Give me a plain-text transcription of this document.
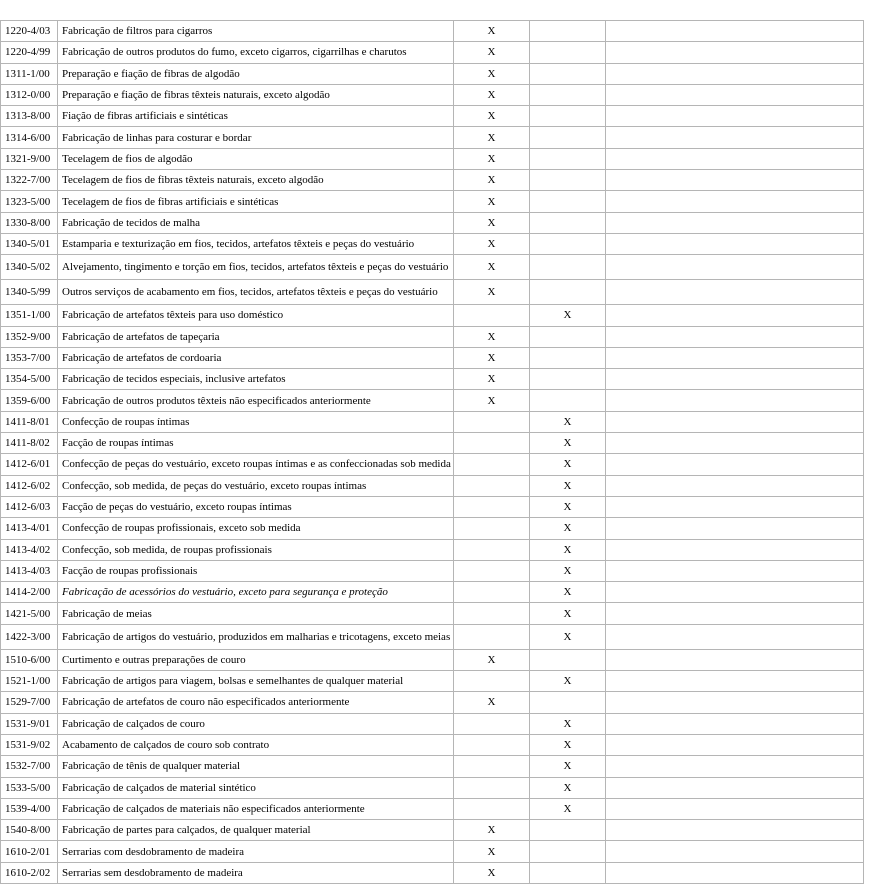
1220-4/03	Fabricação de filtros para cigarros	X		
1220-4/99	Fabricação de outros produtos do fumo, exceto cigarros, cigarrilhas e charutos	X		
1311-1/00	Preparação e fiação de fibras de algodão	X		
1312-0/00	Preparação e fiação de fibras têxteis naturais, exceto algodão	X		
1313-8/00	Fiação de fibras artificiais e sintéticas	X		
1314-6/00	Fabricação de linhas para costurar e bordar	X		
1321-9/00	Tecelagem de fios de algodão	X		
1322-7/00	Tecelagem de fios de fibras têxteis naturais, exceto algodão	X		
1323-5/00	Tecelagem de fios de fibras artificiais e sintéticas	X		
1330-8/00	Fabricação de tecidos de malha	X		
1340-5/01	Estamparia e texturização em fios, tecidos, artefatos têxteis e peças do vestuário	X		
1340-5/02	Alvejamento, tingimento e torção em fios, tecidos, artefatos têxteis e peças do vestuário	X		
1340-5/99	Outros serviços de acabamento em fios, tecidos, artefatos têxteis e peças do vestuário	X		
1351-1/00	Fabricação de artefatos têxteis para uso doméstico		X	
1352-9/00	Fabricação de artefatos de tapeçaria	X		
1353-7/00	Fabricação de artefatos de cordoaria	X		
1354-5/00	Fabricação de tecidos especiais, inclusive artefatos	X		
1359-6/00	Fabricação de outros produtos têxteis não especificados anteriormente	X		
1411-8/01	Confecção de roupas íntimas		X	
1411-8/02	Facção de roupas íntimas		X	
1412-6/01	Confecção de peças do vestuário, exceto roupas íntimas e as confeccionadas sob medida		X	
1412-6/02	Confecção, sob medida, de peças do vestuário, exceto roupas íntimas		X	
1412-6/03	Facção de peças do vestuário, exceto roupas íntimas		X	
1413-4/01	Confecção de roupas profissionais, exceto sob medida		X	
1413-4/02	Confecção, sob medida, de roupas profissionais		X	
1413-4/03	Facção de roupas profissionais		X	
1414-2/00	Fabricação de acessórios do vestuário, exceto para segurança e proteção		X	
1421-5/00	Fabricação de meias		X	
1422-3/00	Fabricação de artigos do vestuário, produzidos em malharias e tricotagens, exceto meias		X	
1510-6/00	Curtimento e outras preparações de couro	X		
1521-1/00	Fabricação de artigos para viagem, bolsas e semelhantes de qualquer material		X	
1529-7/00	Fabricação de artefatos de couro não especificados anteriormente	X		
1531-9/01	Fabricação de calçados de couro		X	
1531-9/02	Acabamento de calçados de couro sob contrato		X	
1532-7/00	Fabricação de tênis de qualquer material		X	
1533-5/00	Fabricação de calçados de material sintético		X	
1539-4/00	Fabricação de calçados de materiais não especificados anteriormente		X	
1540-8/00	Fabricação de partes para calçados, de qualquer material	X		
1610-2/01	Serrarias com desdobramento de madeira	X		
1610-2/02	Serrarias sem desdobramento de madeira	X		
